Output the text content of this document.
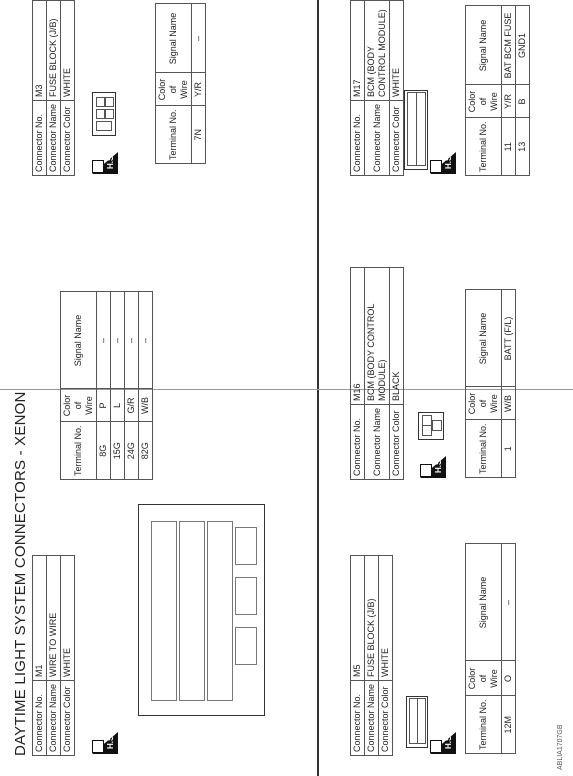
DAYTIME LIGHT SYSTEM CONNECTORS - XENON	ABLIA1707GB
Connector No.	M1
Connector Name	WIRE TO WIRE
Connector Color	WHITE
H.S.
Terminal No.	Color of Wire	Signal Name
8G	P	–
15G	L	–
24G	G/R	–
82G	W/B	–
Connector No.	M3
Connector Name	FUSE BLOCK (J/B)
Connector Color	WHITE
H.S.
Terminal No.	Color of Wire	Signal Name
7N	Y/R	–
Connector No.	M5
Connector Name	FUSE BLOCK (J/B)
Connector Color	WHITE
H.S.	Terminal No.	Color of Wire	Signal Name
12M	O	–
Connector No.	M16
Connector Name	BCM (BODY CONTROL MODULE)
Connector Color	BLACK
H.S.	Terminal No.	Color of Wire	Signal Name
1	W/B	BATT (F/L)
Connector No.	M17
Connector Name	BCM (BODY CONTROL MODULE)
Connector Color	WHITE
H.S.	Terminal No.	Color of Wire	Signal Name
11	Y/R	BAT BCM FUSE
13	B	GND1
